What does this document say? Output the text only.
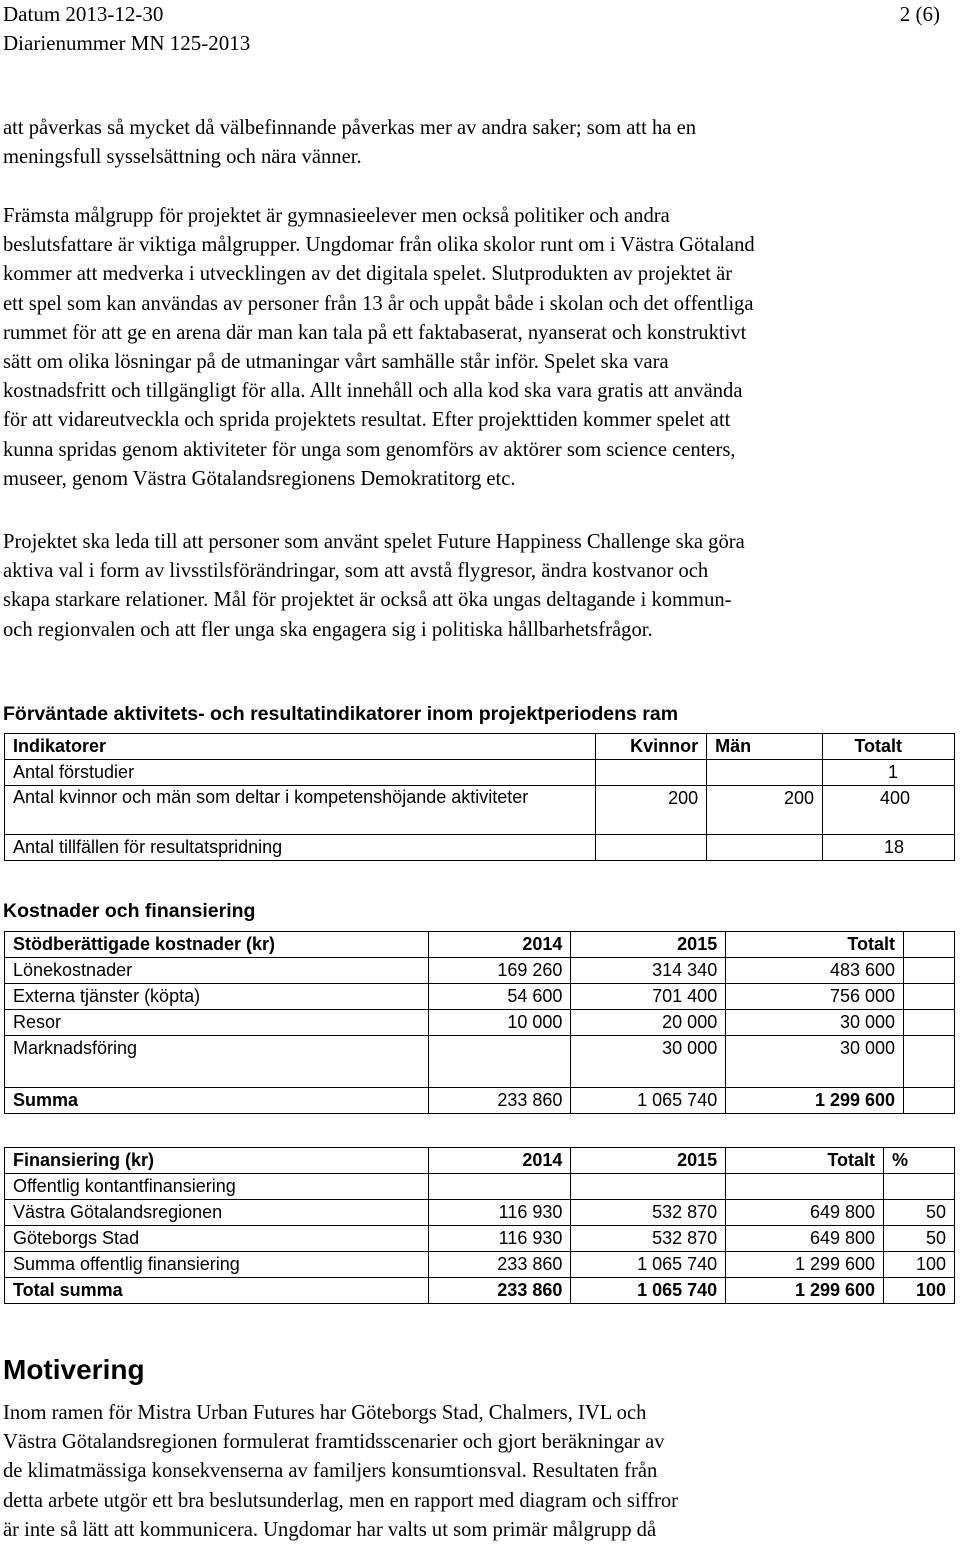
Datum 2013-12-30	2 (6)
Diarienummer MN 125-2013
att påverkas så mycket då välbefinnande påverkas mer av andra saker; som att ha en
meningsfull sysselsättning och nära vänner.
Främsta målgrupp för projektet är gymnasieelever men också politiker och andra
beslutsfattare är viktiga målgrupper. Ungdomar från olika skolor runt om i Västra Götaland
kommer att medverka i utvecklingen av det digitala spelet. Slutprodukten av projektet är
ett spel som kan användas av personer från 13 år och uppåt både i skolan och det offentliga
rummet för att ge en arena där man kan tala på ett faktabaserat, nyanserat och konstruktivt
sätt om olika lösningar på de utmaningar vårt samhälle står inför. Spelet ska vara
kostnadsfritt och tillgängligt för alla. Allt innehåll och alla kod ska vara gratis att använda
för att vidareutveckla och sprida projektets resultat. Efter projekttiden kommer spelet att
kunna spridas genom aktiviteter för unga som genomförs av aktörer som science centers,
museer, genom Västra Götalandsregionens Demokratitorg etc.
Projektet ska leda till att personer som använt spelet Future Happiness Challenge ska göra
aktiva val i form av livsstilsförändringar, som att avstå flygresor, ändra kostvanor och
skapa starkare relationer. Mål för projektet är också att öka ungas deltagande i kommun-
och regionvalen och att fler unga ska engagera sig i politiska hållbarhetsfrågor.
Förväntade aktivitets- och resultatindikatorer inom projektperiodens ram
Indikatorer	Kvinnor	Män	Totalt
Antal förstudier			1
Antal kvinnor och män som deltar i kompetenshöjande aktiviteter	200	200	400
Antal tillfällen för resultatspridning			18
Kostnader och finansiering
Stödberättigade kostnader (kr)	2014	2015	Totalt	
Lönekostnader	169 260	314 340	483 600	
Externa tjänster (köpta)	54 600	701 400	756 000	
Resor	10 000	20 000	30 000	
Marknadsföring		30 000	30 000	
Summa	233 860	1 065 740	1 299 600	
Finansiering (kr)	2014	2015	Totalt	%
Offentlig kontantfinansiering				
Västra Götalandsregionen	116 930	532 870	649 800	50
Göteborgs Stad	116 930	532 870	649 800	50
Summa offentlig finansiering	233 860	1 065 740	1 299 600	100
Total summa	233 860	1 065 740	1 299 600	100
Motivering
Inom ramen för Mistra Urban Futures har Göteborgs Stad, Chalmers, IVL och
Västra Götalandsregionen formulerat framtidsscenarier och gjort beräkningar av
de klimatmässiga konsekvenserna av familjers konsumtionsval. Resultaten från
detta arbete utgör ett bra beslutsunderlag, men en rapport med diagram och siffror
är inte så lätt att kommunicera. Ungdomar har valts ut som primär målgrupp då
